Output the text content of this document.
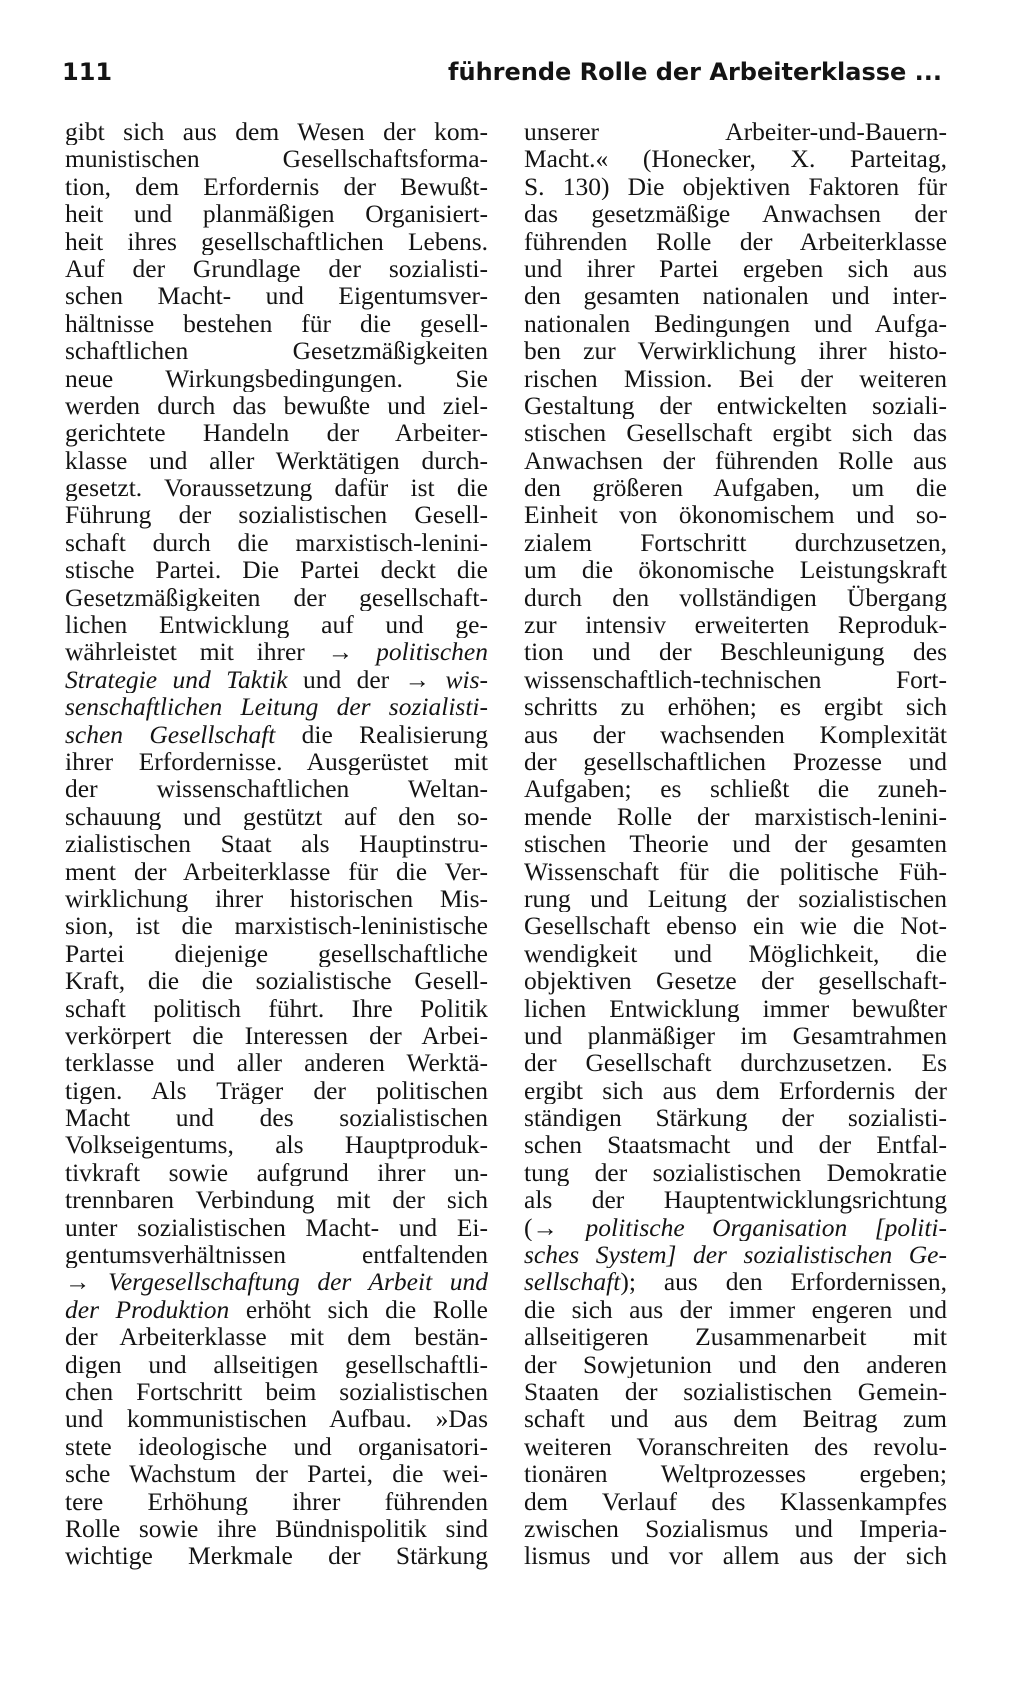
111	führende Rolle der Arbeiterklasse ...
gibt sich aus dem Wesen der kom-
munistischen Gesellschaftsforma-
tion, dem Erfordernis der Bewußt-
heit und planmäßigen Organisiert-
heit ihres gesellschaftlichen Lebens.
Auf der Grundlage der sozialisti-
schen Macht- und Eigentumsver-
hältnisse bestehen für die gesell-
schaftlichen Gesetzmäßigkeiten
neue Wirkungsbedingungen. Sie
werden durch das bewußte und ziel-
gerichtete Handeln der Arbeiter-
klasse und aller Werktätigen durch-
gesetzt. Voraussetzung dafür ist die
Führung der sozialistischen Gesell-
schaft durch die marxistisch-lenini-
stische Partei. Die Partei deckt die
Gesetzmäßigkeiten der gesellschaft-
lichen Entwicklung auf und ge-
währleistet mit ihrer → politischen
Strategie und Taktik und der → wis-
senschaftlichen Leitung der sozialisti-
schen Gesellschaft die Realisierung
ihrer Erfordernisse. Ausgerüstet mit
der wissenschaftlichen Weltan-
schauung und gestützt auf den so-
zialistischen Staat als Hauptinstru-
ment der Arbeiterklasse für die Ver-
wirklichung ihrer historischen Mis-
sion, ist die marxistisch-leninistische
Partei diejenige gesellschaftliche
Kraft, die die sozialistische Gesell-
schaft politisch führt. Ihre Politik
verkörpert die Interessen der Arbei-
terklasse und aller anderen Werktä-
tigen. Als Träger der politischen
Macht und des sozialistischen
Volkseigentums, als Hauptproduk-
tivkraft sowie aufgrund ihrer un-
trennbaren Verbindung mit der sich
unter sozialistischen Macht- und Ei-
gentumsverhältnissen entfaltenden
→ Vergesellschaftung der Arbeit und
der Produktion erhöht sich die Rolle
der Arbeiterklasse mit dem bestän-
digen und allseitigen gesellschaftli-
chen Fortschritt beim sozialistischen
und kommunistischen Aufbau. »Das
stete ideologische und organisatori-
sche Wachstum der Partei, die wei-
tere Erhöhung ihrer führenden
Rolle sowie ihre Bündnispolitik sind
wichtige Merkmale der Stärkung
unserer Arbeiter-und-Bauern-
Macht.« (Honecker, X. Parteitag,
S. 130) Die objektiven Faktoren für
das gesetzmäßige Anwachsen der
führenden Rolle der Arbeiterklasse
und ihrer Partei ergeben sich aus
den gesamten nationalen und inter-
nationalen Bedingungen und Aufga-
ben zur Verwirklichung ihrer histo-
rischen Mission. Bei der weiteren
Gestaltung der entwickelten soziali-
stischen Gesellschaft ergibt sich das
Anwachsen der führenden Rolle aus
den größeren Aufgaben, um die
Einheit von ökonomischem und so-
zialem Fortschritt durchzusetzen,
um die ökonomische Leistungskraft
durch den vollständigen Übergang
zur intensiv erweiterten Reproduk-
tion und der Beschleunigung des
wissenschaftlich-technischen Fort-
schritts zu erhöhen; es ergibt sich
aus der wachsenden Komplexität
der gesellschaftlichen Prozesse und
Aufgaben; es schließt die zuneh-
mende Rolle der marxistisch-lenini-
stischen Theorie und der gesamten
Wissenschaft für die politische Füh-
rung und Leitung der sozialistischen
Gesellschaft ebenso ein wie die Not-
wendigkeit und Möglichkeit, die
objektiven Gesetze der gesellschaft-
lichen Entwicklung immer bewußter
und planmäßiger im Gesamtrahmen
der Gesellschaft durchzusetzen. Es
ergibt sich aus dem Erfordernis der
ständigen Stärkung der sozialisti-
schen Staatsmacht und der Entfal-
tung der sozialistischen Demokratie
als der Hauptentwicklungsrichtung
(→ politische Organisation [politi-
sches System] der sozialistischen Ge-
sellschaft); aus den Erfordernissen,
die sich aus der immer engeren und
allseitigeren Zusammenarbeit mit
der Sowjetunion und den anderen
Staaten der sozialistischen Gemein-
schaft und aus dem Beitrag zum
weiteren Voranschreiten des revolu-
tionären Weltprozesses ergeben;
dem Verlauf des Klassenkampfes
zwischen Sozialismus und Imperia-
lismus und vor allem aus der sich
